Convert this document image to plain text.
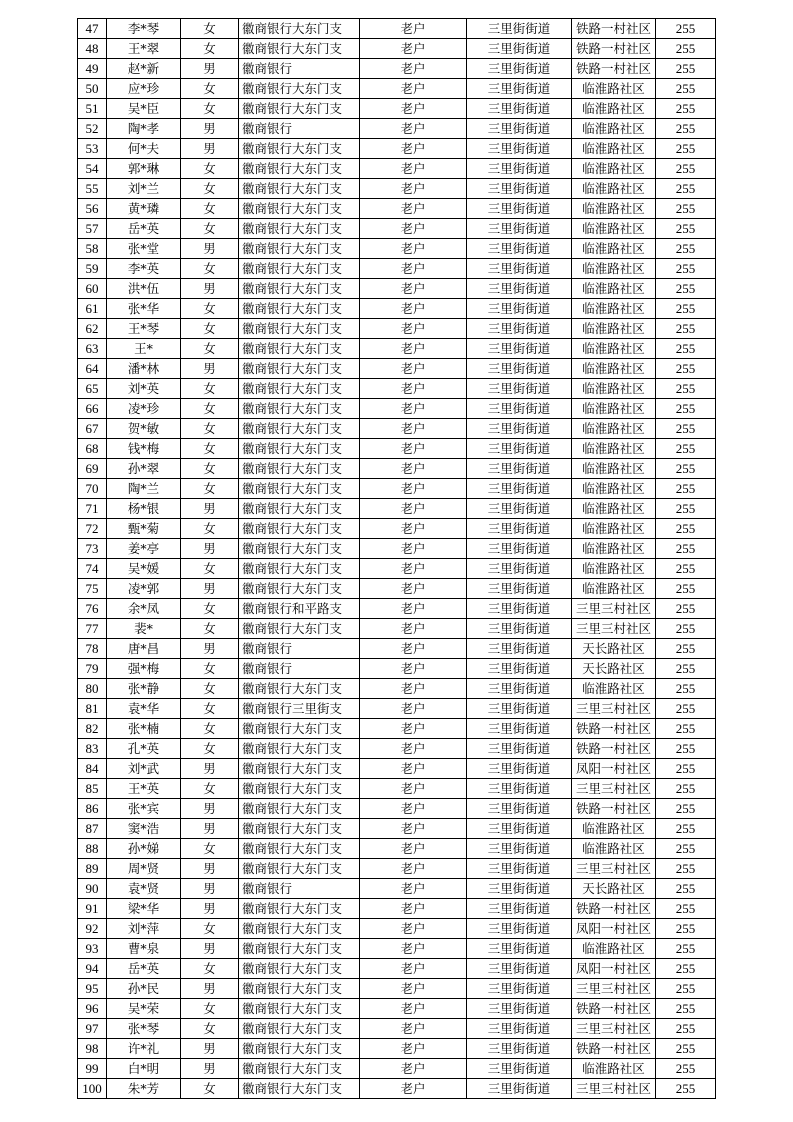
47	李*琴	女	徽商银行大东门支	老户	三里街街道	铁路一村社区	255
48	王*翠	女	徽商银行大东门支	老户	三里街街道	铁路一村社区	255
49	赵*新	男	徽商银行	老户	三里街街道	铁路一村社区	255
50	应*珍	女	徽商银行大东门支	老户	三里街街道	临淮路社区	255
51	吴*臣	女	徽商银行大东门支	老户	三里街街道	临淮路社区	255
52	陶*孝	男	徽商银行	老户	三里街街道	临淮路社区	255
53	何*夫	男	徽商银行大东门支	老户	三里街街道	临淮路社区	255
54	郭*琳	女	徽商银行大东门支	老户	三里街街道	临淮路社区	255
55	刘*兰	女	徽商银行大东门支	老户	三里街街道	临淮路社区	255
56	黄*璘	女	徽商银行大东门支	老户	三里街街道	临淮路社区	255
57	岳*英	女	徽商银行大东门支	老户	三里街街道	临淮路社区	255
58	张*堂	男	徽商银行大东门支	老户	三里街街道	临淮路社区	255
59	李*英	女	徽商银行大东门支	老户	三里街街道	临淮路社区	255
60	洪*伍	男	徽商银行大东门支	老户	三里街街道	临淮路社区	255
61	张*华	女	徽商银行大东门支	老户	三里街街道	临淮路社区	255
62	王*琴	女	徽商银行大东门支	老户	三里街街道	临淮路社区	255
63	王*	女	徽商银行大东门支	老户	三里街街道	临淮路社区	255
64	潘*林	男	徽商银行大东门支	老户	三里街街道	临淮路社区	255
65	刘*英	女	徽商银行大东门支	老户	三里街街道	临淮路社区	255
66	凌*珍	女	徽商银行大东门支	老户	三里街街道	临淮路社区	255
67	贺*敏	女	徽商银行大东门支	老户	三里街街道	临淮路社区	255
68	钱*梅	女	徽商银行大东门支	老户	三里街街道	临淮路社区	255
69	孙*翠	女	徽商银行大东门支	老户	三里街街道	临淮路社区	255
70	陶*兰	女	徽商银行大东门支	老户	三里街街道	临淮路社区	255
71	杨*银	男	徽商银行大东门支	老户	三里街街道	临淮路社区	255
72	甄*菊	女	徽商银行大东门支	老户	三里街街道	临淮路社区	255
73	姜*亭	男	徽商银行大东门支	老户	三里街街道	临淮路社区	255
74	吴*媛	女	徽商银行大东门支	老户	三里街街道	临淮路社区	255
75	凌*郭	男	徽商银行大东门支	老户	三里街街道	临淮路社区	255
76	余*凤	女	徽商银行和平路支	老户	三里街街道	三里三村社区	255
77	裴*	女	徽商银行大东门支	老户	三里街街道	三里三村社区	255
78	唐*昌	男	徽商银行	老户	三里街街道	天长路社区	255
79	强*梅	女	徽商银行	老户	三里街街道	天长路社区	255
80	张*静	女	徽商银行大东门支	老户	三里街街道	临淮路社区	255
81	袁*华	女	徽商银行三里街支	老户	三里街街道	三里三村社区	255
82	张*楠	女	徽商银行大东门支	老户	三里街街道	铁路一村社区	255
83	孔*英	女	徽商银行大东门支	老户	三里街街道	铁路一村社区	255
84	刘*武	男	徽商银行大东门支	老户	三里街街道	凤阳一村社区	255
85	王*英	女	徽商银行大东门支	老户	三里街街道	三里三村社区	255
86	张*宾	男	徽商银行大东门支	老户	三里街街道	铁路一村社区	255
87	窦*浩	男	徽商银行大东门支	老户	三里街街道	临淮路社区	255
88	孙*娣	女	徽商银行大东门支	老户	三里街街道	临淮路社区	255
89	周*贤	男	徽商银行大东门支	老户	三里街街道	三里三村社区	255
90	袁*贤	男	徽商银行	老户	三里街街道	天长路社区	255
91	梁*华	男	徽商银行大东门支	老户	三里街街道	铁路一村社区	255
92	刘*萍	女	徽商银行大东门支	老户	三里街街道	凤阳一村社区	255
93	曹*泉	男	徽商银行大东门支	老户	三里街街道	临淮路社区	255
94	岳*英	女	徽商银行大东门支	老户	三里街街道	凤阳一村社区	255
95	孙*民	男	徽商银行大东门支	老户	三里街街道	三里三村社区	255
96	吴*荣	女	徽商银行大东门支	老户	三里街街道	铁路一村社区	255
97	张*琴	女	徽商银行大东门支	老户	三里街街道	三里三村社区	255
98	许*礼	男	徽商银行大东门支	老户	三里街街道	铁路一村社区	255
99	白*明	男	徽商银行大东门支	老户	三里街街道	临淮路社区	255
100	朱*芳	女	徽商银行大东门支	老户	三里街街道	三里三村社区	255
